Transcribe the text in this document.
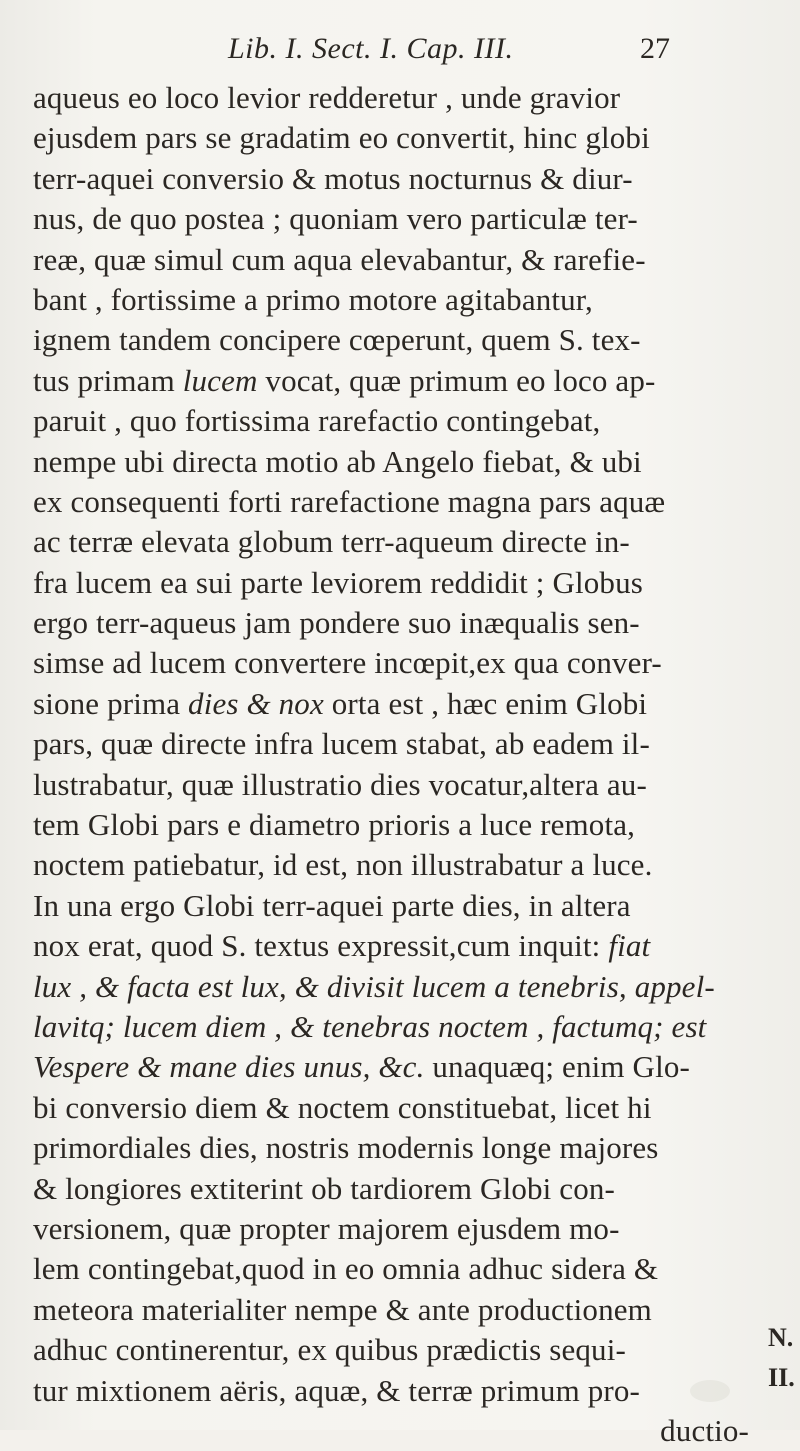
Lib. I. Sect. I. Cap. III.	27
aqueus eo loco levior redderetur , unde gravior
ejusdem pars se gradatim eo convertit, hinc globi
terr-aquei conversio & motus nocturnus & diur-
nus, de quo postea ; quoniam vero particulæ ter-
reæ, quæ simul cum aqua elevabantur, & rarefie-
bant , fortissime a primo motore agitabantur,
ignem tandem concipere cœperunt, quem S. tex-
tus primam lucem vocat, quæ primum eo loco ap-
paruit , quo fortissima rarefactio contingebat,
nempe ubi directa motio ab Angelo fiebat, & ubi
ex consequenti forti rarefactione magna pars aquæ
ac terræ elevata globum terr-aqueum directe in-
fra lucem ea sui parte leviorem reddidit ; Globus
ergo terr-aqueus jam pondere suo inæqualis sen-
simse ad lucem convertere incœpit,ex qua conver-
sione prima dies & nox orta est , hæc enim Globi
pars, quæ directe infra lucem stabat, ab eadem il-
lustrabatur, quæ illustratio dies vocatur,altera au-
tem Globi pars e diametro prioris a luce remota,
noctem patiebatur, id est, non illustrabatur a luce.
In una ergo Globi terr-aquei parte dies, in altera
nox erat, quod S. textus expressit,cum inquit: fiat
lux , & facta est lux, & divisit lucem a tenebris, appel-
lavitq; lucem diem , & tenebras noctem , factumq; est
Vespere & mane dies unus, &c. unaquæq; enim Glo-
bi conversio diem & noctem constituebat, licet hi
primordiales dies, nostris modernis longe majores
& longiores extiterint ob tardiorem Globi con-
versionem, quæ propter majorem ejusdem mo-
lem contingebat,quod in eo omnia adhuc sidera &
meteora materialiter nempe & ante productionem
adhuc continerentur, ex quibus prædictis sequi-
tur mixtionem aëris, aquæ, & terræ primum pro-
ductio-
N.
II.
